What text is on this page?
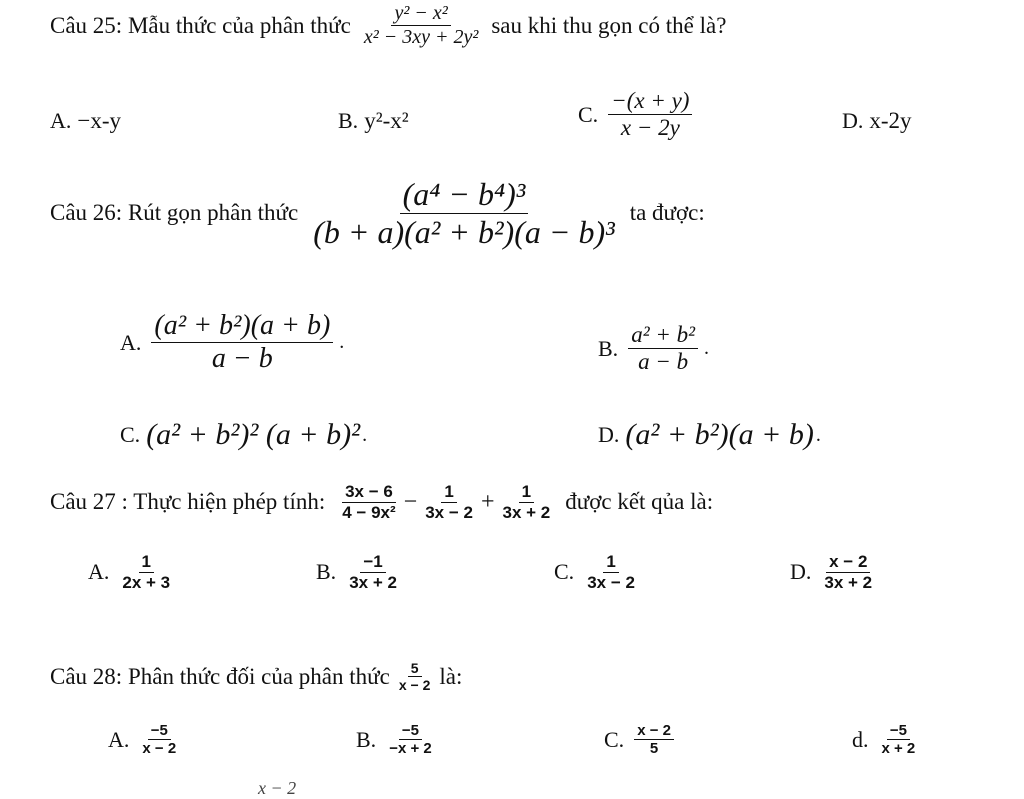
Câu 25: Mẫu thức của phân thức $\frac{\text{y² − x²}}{\text{x² − 3xy + 2y²}}$ sau khi thu gọn có thể là?
A. −x-y	B. y²-x²	C. $\frac{-(x + y)}{x - 2y}$	D. x-2y
Câu 26: Rút gọn phân thức $\frac{\text{(a⁴ − b⁴)³}}{\text{(b + a)(a² + b²)(a − b)³}}$ ta được:
A. $\frac{\text{(a² + b²)(a + b)}}{a - b}$ .	B. $\frac{\text{a² + b²}}{a - b}$ .
C. (a² + b²)² (a + b)² .	D. (a² + b²)(a + b) .
Câu 27 : Thực hiện phép tính: $\frac{3x - 6}{\text{4 − 9x²}} - \frac{1}{3x - 2} + \frac{1}{3x + 2}$ được kết qủa là:
A. $\frac{1}{2x + 3}$	B. $\frac{-1}{3x + 2}$	C. $\frac{1}{3x - 2}$	D. $\frac{x - 2}{3x + 2}$
Câu 28: Phân thức đối của phân thức $\frac{5}{x - 2}$ là:
A. $\frac{-5}{x - 2}$	B. $\frac{-5}{-x + 2}$	C. $\frac{x - 2}{5}$	d. $\frac{-5}{x + 2}$
x − 2
